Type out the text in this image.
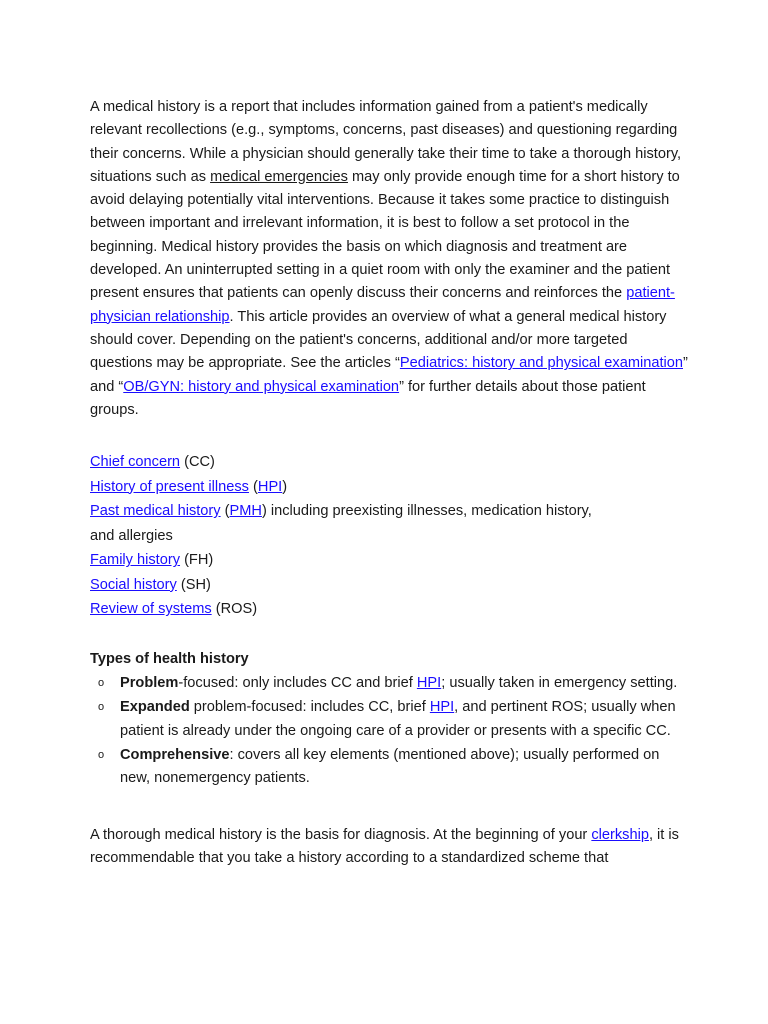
A medical history is a report that includes information gained from a patient's medically relevant recollections (e.g., symptoms, concerns, past diseases) and questioning regarding their concerns. While a physician should generally take their time to take a thorough history, situations such as medical emergencies may only provide enough time for a short history to avoid delaying potentially vital interventions. Because it takes some practice to distinguish between important and irrelevant information, it is best to follow a set protocol in the beginning. Medical history provides the basis on which diagnosis and treatment are developed. An uninterrupted setting in a quiet room with only the examiner and the patient present ensures that patients can openly discuss their concerns and reinforces the patient-physician relationship. This article provides an overview of what a general medical history should cover. Depending on the patient's concerns, additional and/or more targeted questions may be appropriate. See the articles “Pediatrics: history and physical examination” and “OB/GYN: history and physical examination” for further details about those patient groups.

Chief concern (CC)
History of present illness (HPI)
Past medical history (PMH) including preexisting illnesses, medication history, and allergies
Family history (FH)
Social history (SH)
Review of systems (ROS)
Types of health history
o Problem-focused: only includes CC and brief HPI; usually taken in emergency setting.
o Expanded problem-focused: includes CC, brief HPI, and pertinent ROS; usually when patient is already under the ongoing care of a provider or presents with a specific CC.
o Comprehensive: covers all key elements (mentioned above); usually performed on new, nonemergency patients.

A thorough medical history is the basis for diagnosis. At the beginning of your clerkship, it is recommendable that you take a history according to a standardized scheme that
